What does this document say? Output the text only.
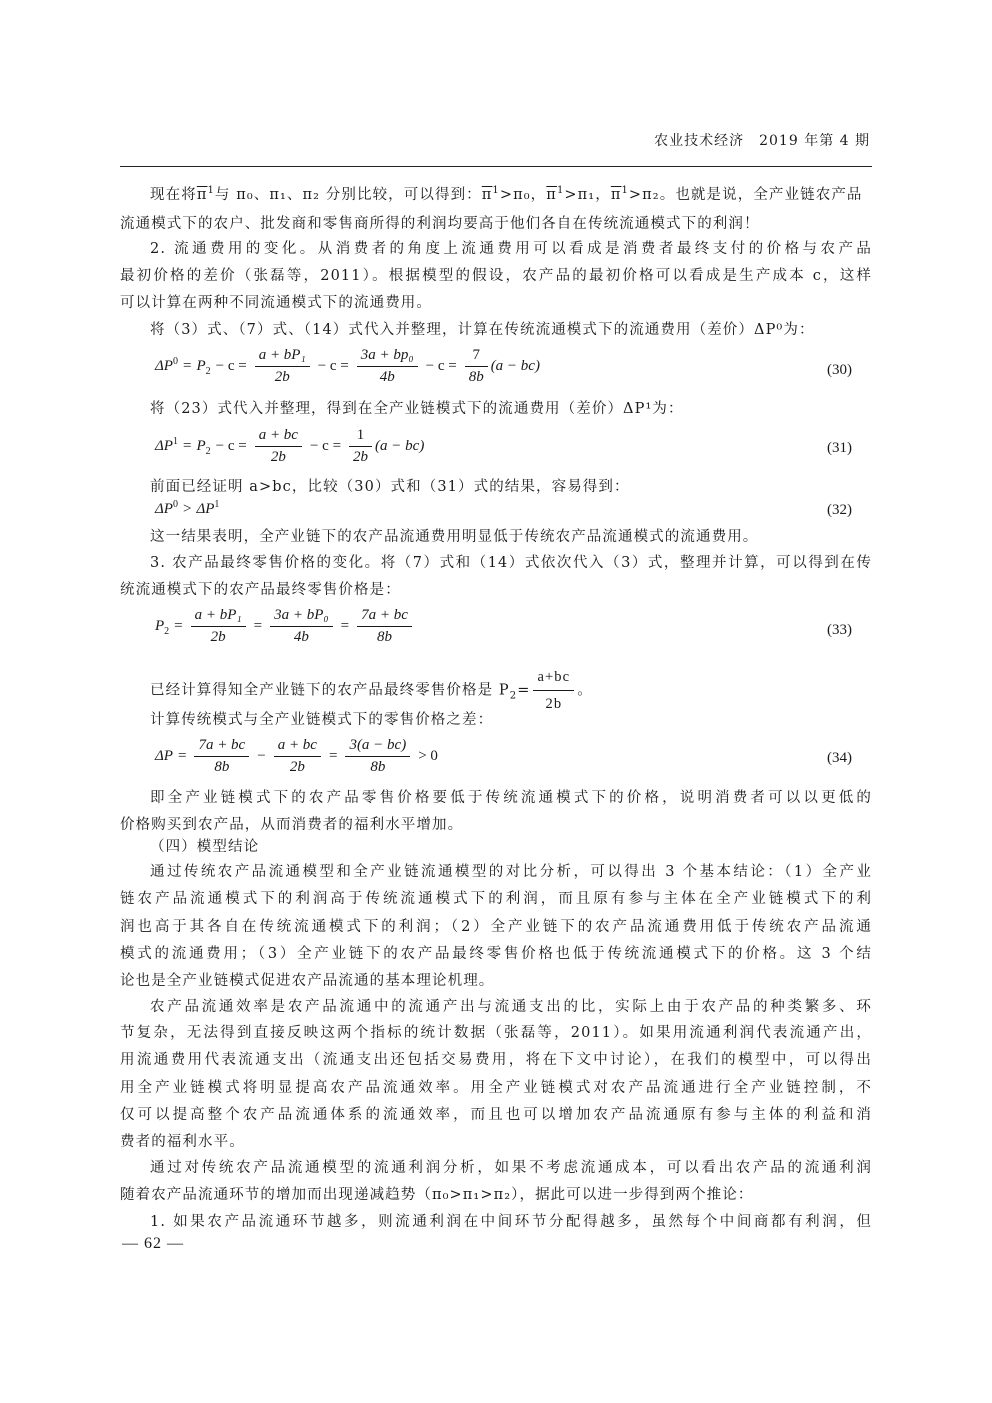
农业技术经济　2019 年第 4 期
现在将$\overline{\pi}^1$与 π₀、π₁、π₂ 分别比较，可以得到：$\overline{\pi}^1>\pi_0$，$\overline{\pi}^1>\pi_1$，$\overline{\pi}^1>\pi_2$。也就是说，全产业链农产品
流通模式下的农户、批发商和零售商所得的利润均要高于他们各自在传统流通模式下的利润！
2. 流通费用的变化。从消费者的角度上流通费用可以看成是消费者最终支付的价格与农产品
最初价格的差价（张磊等，2011）。根据模型的假设，农产品的最初价格可以看成是生产成本 c，这样
可以计算在两种不同流通模式下的流通费用。
将（3）式、（7）式、（14）式代入并整理，计算在传统流通模式下的流通费用（差价）ΔP⁰为：
$\Delta P^0 = P_2 - c = \frac{\text{a + bP₁}}{2b} - c = \frac{\text{3a + bp₀}}{4b} - c = \frac{7}{8b} (a - bc)$	(30)
将（23）式代入并整理，得到在全产业链模式下的流通费用（差价）ΔP¹为：
$\Delta P^1 = P_2 - c = \frac{a + bc}{2b} - c = \frac{1}{2b} (a - bc)$	(31)
前面已经证明 a>bc，比较（30）式和（31）式的结果，容易得到：
$\Delta P^0 > \Delta P^1$	(32)
这一结果表明，全产业链下的农产品流通费用明显低于传统农产品流通模式的流通费用。
3. 农产品最终零售价格的变化。将（7）式和（14）式依次代入（3）式，整理并计算，可以得到在传
统流通模式下的农产品最终零售价格是：
$P_2 = \frac{\text{a + bP₁}}{2b} = \frac{\text{3a + bP₀}}{4b} = \frac{7a + bc}{8b}$	(33)
已经计算得知全产业链下的农产品最终零售价格是 $P_2= \frac{a+bc}{2b}$ 。
计算传统模式与全产业链模式下的零售价格之差：
$\Delta P = \frac{7a + bc}{8b} - \frac{a + bc}{2b} = \frac{3(a - bc)}{8b} > 0$	(34)
即全产业链模式下的农产品零售价格要低于传统流通模式下的价格，说明消费者可以以更低的
价格购买到农产品，从而消费者的福利水平增加。
（四）模型结论
通过传统农产品流通模型和全产业链流通模型的对比分析，可以得出 3 个基本结论：（1）全产业
链农产品流通模式下的利润高于传统流通模式下的利润，而且原有参与主体在全产业链模式下的利
润也高于其各自在传统流通模式下的利润；（2）全产业链下的农产品流通费用低于传统农产品流通
模式的流通费用；（3）全产业链下的农产品最终零售价格也低于传统流通模式下的价格。这 3 个结
论也是全产业链模式促进农产品流通的基本理论机理。
农产品流通效率是农产品流通中的流通产出与流通支出的比，实际上由于农产品的种类繁多、环
节复杂，无法得到直接反映这两个指标的统计数据（张磊等，2011）。如果用流通利润代表流通产出，
用流通费用代表流通支出（流通支出还包括交易费用，将在下文中讨论），在我们的模型中，可以得出
用全产业链模式将明显提高农产品流通效率。用全产业链模式对农产品流通进行全产业链控制，不
仅可以提高整个农产品流通体系的流通效率，而且也可以增加农产品流通原有参与主体的利益和消
费者的福利水平。
通过对传统农产品流通模型的流通利润分析，如果不考虑流通成本，可以看出农产品的流通利润
随着农产品流通环节的增加而出现递减趋势（π₀>π₁>π₂），据此可以进一步得到两个推论：
1. 如果农产品流通环节越多，则流通利润在中间环节分配得越多，虽然每个中间商都有利润，但
— 62 —
